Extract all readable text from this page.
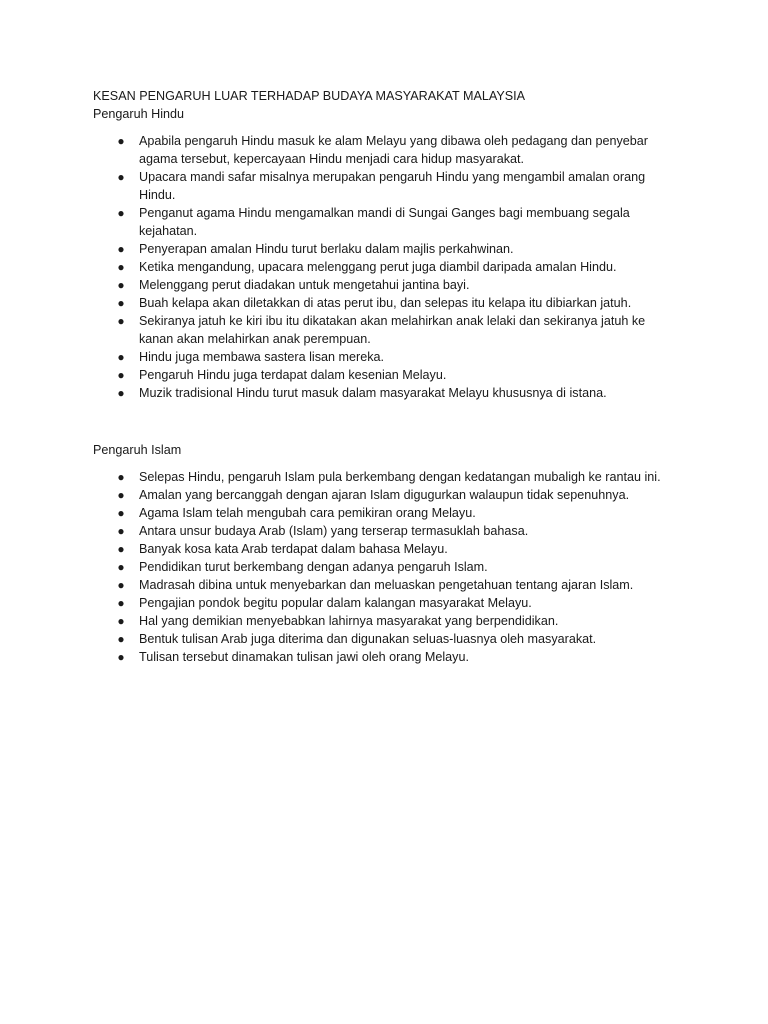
KESAN PENGARUH LUAR TERHADAP BUDAYA MASYARAKAT MALAYSIA
Pengaruh Hindu
● Apabila pengaruh Hindu masuk ke alam Melayu yang dibawa oleh pedagang dan penyebar agama tersebut, kepercayaan Hindu menjadi cara hidup masyarakat.
● Upacara mandi safar misalnya merupakan pengaruh Hindu yang mengambil amalan orang Hindu.
● Penganut agama Hindu mengamalkan mandi di Sungai Ganges bagi membuang segala kejahatan.
● Penyerapan amalan Hindu turut berlaku dalam majlis perkahwinan.
● Ketika mengandung, upacara melenggang perut juga diambil daripada amalan Hindu.
● Melenggang perut diadakan untuk mengetahui jantina bayi.
● Buah kelapa akan diletakkan di atas perut ibu, dan selepas itu kelapa itu dibiarkan jatuh.
● Sekiranya jatuh ke kiri ibu itu dikatakan akan melahirkan anak lelaki dan sekiranya jatuh ke kanan akan melahirkan anak perempuan.
● Hindu juga membawa sastera lisan mereka.
● Pengaruh Hindu juga terdapat dalam kesenian Melayu.
● Muzik tradisional Hindu turut masuk dalam masyarakat Melayu khususnya di istana.
Pengaruh Islam
● Selepas Hindu, pengaruh Islam pula berkembang dengan kedatangan mubaligh ke rantau ini.
● Amalan yang bercanggah dengan ajaran Islam digugurkan walaupun tidak sepenuhnya.
● Agama Islam telah mengubah cara pemikiran orang Melayu.
● Antara unsur budaya Arab (Islam) yang terserap termasuklah bahasa.
● Banyak kosa kata Arab terdapat dalam bahasa Melayu.
● Pendidikan turut berkembang dengan adanya pengaruh Islam.
● Madrasah dibina untuk menyebarkan dan meluaskan pengetahuan tentang ajaran Islam.
● Pengajian pondok begitu popular dalam kalangan masyarakat Melayu.
● Hal yang demikian menyebabkan lahirnya masyarakat yang berpendidikan.
● Bentuk tulisan Arab juga diterima dan digunakan seluas-luasnya oleh masyarakat.
● Tulisan tersebut dinamakan tulisan jawi oleh orang Melayu.
